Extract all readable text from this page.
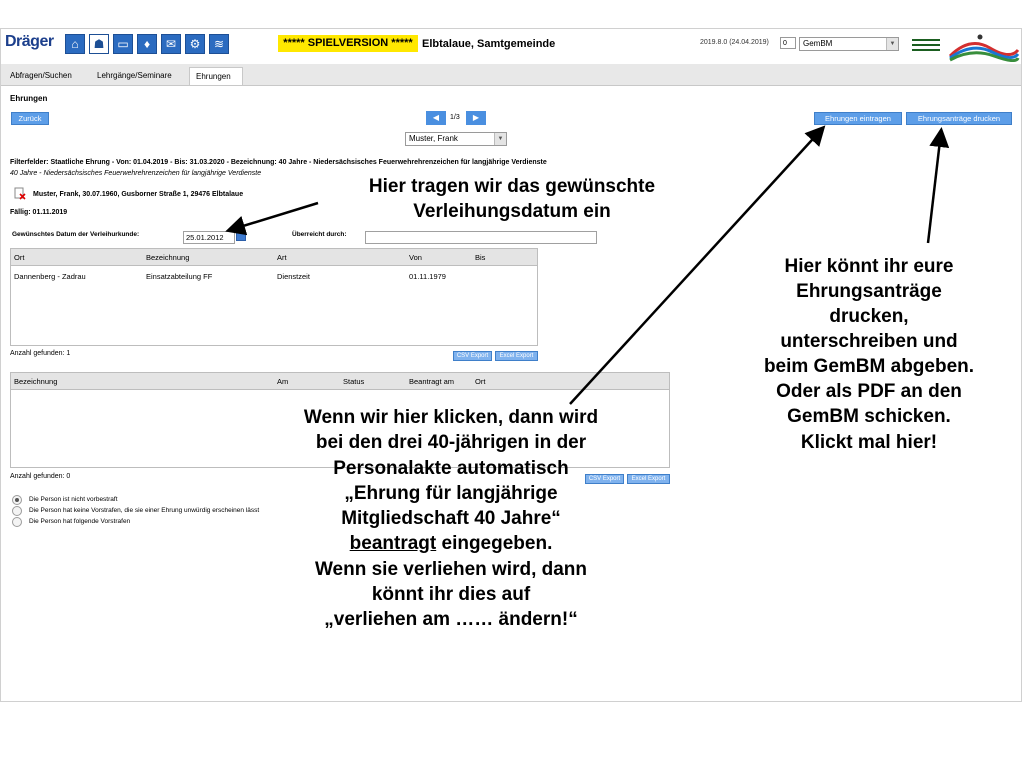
Dräger	⌂	☗	▭	♦	✉	⚙	≋	***** SPIELVERSION ***** Elbtalaue, Samtgemeinde	2019.8.0 (24.04.2019)	0	GemBM	▼
Abfragen/Suchen	Lehrgänge/Seminare	Ehrungen
Ehrungen
Zurück	◀	1/3	▶
Muster, Frank	▼
Ehrungen eintragen	Ehrungsanträge drucken
Filterfelder: Staatliche Ehrung - Von: 01.04.2019 - Bis: 31.03.2020 - Bezeichnung: 40 Jahre - Niedersächsisches Feuerwehrehrenzeichen für langjährige Verdienste
40 Jahre - Niedersächsisches Feuerwehrehrenzeichen für langjährige Verdienste
Muster, Frank, 30.07.1960, Gusborner Straße 1, 29476 Elbtalaue
Fällig: 01.11.2019
Gewünschtes Datum der Verleihurkunde:	25.01.2012	Überreicht durch:
Ort	Bezeichnung	Art	Von	Bis
Dannenberg - Zadrau	Einsatzabteilung FF	Dienstzeit	01.11.1979
Anzahl gefunden: 1	CSV Export	Excel Export
Bezeichnung	Am	Status	Beantragt am	Ort
Anzahl gefunden: 0	CSV Export	Excel Export
Die Person ist nicht vorbestraft
Die Person hat keine Vorstrafen, die sie einer Ehrung unwürdig erscheinen lässt
Die Person hat folgende Vorstrafen
Hier tragen wir das gewünschte
Verleihungsdatum ein
Hier könnt ihr eure
Ehrungsanträge
drucken,
unterschreiben und
beim GemBM abgeben.
Oder als PDF an den
GemBM schicken.
Klickt mal hier!
Wenn wir hier klicken, dann wird
bei den drei 40-jährigen in der
Personalakte automatisch
„Ehrung für langjährige
Mitgliedschaft 40 Jahre“
beantragt eingegeben.
Wenn sie verliehen wird, dann
könnt ihr dies auf
„verliehen am …… ändern!“
